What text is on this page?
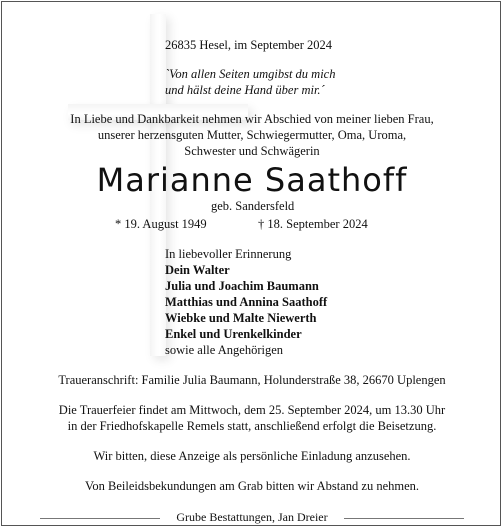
26835 Hesel, im September 2024
`Von allen Seiten umgibst du mich
und hälst deine Hand über mir.´
In Liebe und Dankbarkeit nehmen wir Abschied von meiner lieben Frau,
unserer herzensguten Mutter, Schwiegermutter, Oma, Uroma,
Schwester und Schwägerin
Marianne Saathoff
geb. Sandersfeld
* 19. August 1949	† 18. September 2024
In liebevoller Erinnerung
Dein Walter
Julia und Joachim Baumann
Matthias und Annina Saathoff
Wiebke und Malte Niewerth
Enkel und Urenkelkinder
sowie alle Angehörigen
Traueranschrift: Familie Julia Baumann, Holunderstraße 38, 26670 Uplengen
Die Trauerfeier findet am Mittwoch, dem 25. September 2024, um 13.30 Uhr
in der Friedhofskapelle Remels statt, anschließend erfolgt die Beisetzung.
Wir bitten, diese Anzeige als persönliche Einladung anzusehen.
Von Beileidsbekundungen am Grab bitten wir Abstand zu nehmen.
Grube Bestattungen, Jan Dreier
